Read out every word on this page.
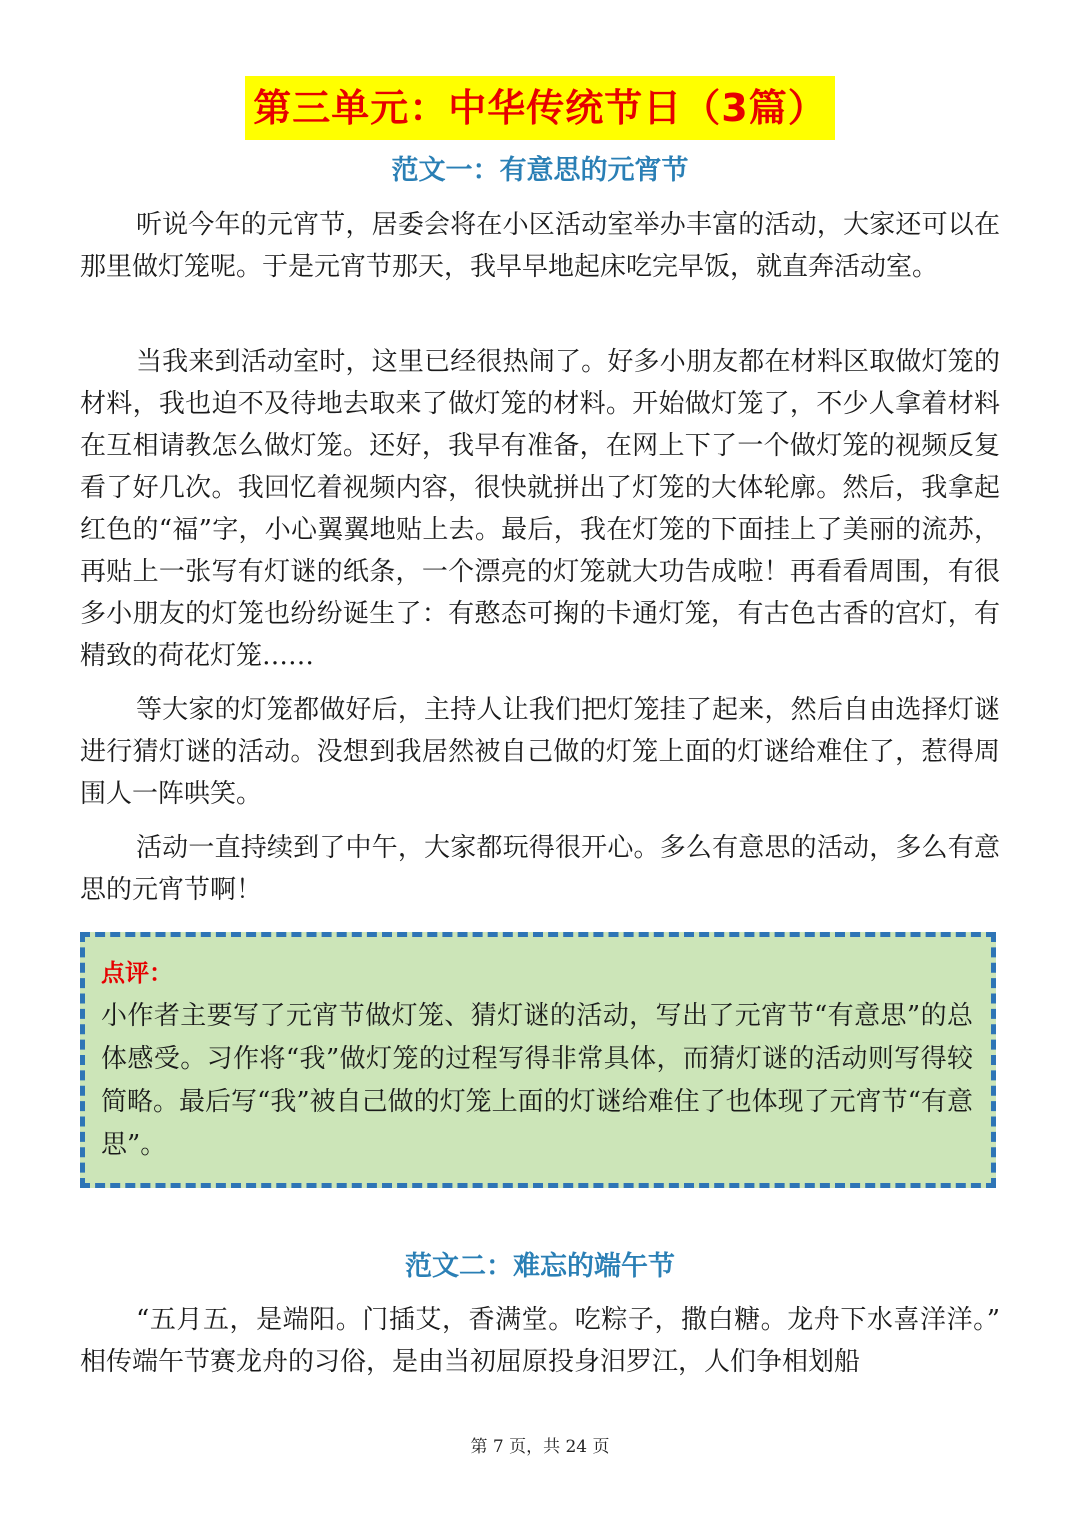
第三单元：中华传统节日（3篇）
范文一：有意思的元宵节

听说今年的元宵节，居委会将在小区活动室举办丰富的活动，大家还可以在那里做灯笼呢。于是元宵节那天，我早早地起床吃完早饭，就直奔活动室。

当我来到活动室时，这里已经很热闹了。好多小朋友都在材料区取做灯笼的材料，我也迫不及待地去取来了做灯笼的材料。开始做灯笼了，不少人拿着材料在互相请教怎么做灯笼。还好，我早有准备，在网上下了一个做灯笼的视频反复看了好几次。我回忆着视频内容，很快就拼出了灯笼的大体轮廓。然后，我拿起红色的“福”字，小心翼翼地贴上去。最后，我在灯笼的下面挂上了美丽的流苏， 再贴上一张写有灯谜的纸条，一个漂亮的灯笼就大功告成啦！再看看周围，有很多小朋友的灯笼也纷纷诞生了：有憨态可掬的卡通灯笼，有古色古香的宫灯，有精致的荷花灯笼……

等大家的灯笼都做好后，主持人让我们把灯笼挂了起来，然后自由选择灯谜进行猜灯谜的活动。没想到我居然被自己做的灯笼上面的灯谜给难住了，惹得周围人一阵哄笑。

活动一直持续到了中午，大家都玩得很开心。多么有意思的活动，多么有意思的元宵节啊！

点评：

小作者主要写了元宵节做灯笼、猜灯谜的活动，写出了元宵节“有意思”的总体感受。习作将“我”做灯笼的过程写得非常具体，而猜灯谜的活动则写得较简略。最后写“我”被自己做的灯笼上面的灯谜给难住了也体现了元宵节“有意思”。

范文二：难忘的端午节

“五月五，是端阳。门插艾，香满堂。吃粽子，撒白糖。龙舟下水喜洋洋。” 相传端午节赛龙舟的习俗，是由当初屈原投身汨罗江，人们争相划船

第 7 页，共 24 页
